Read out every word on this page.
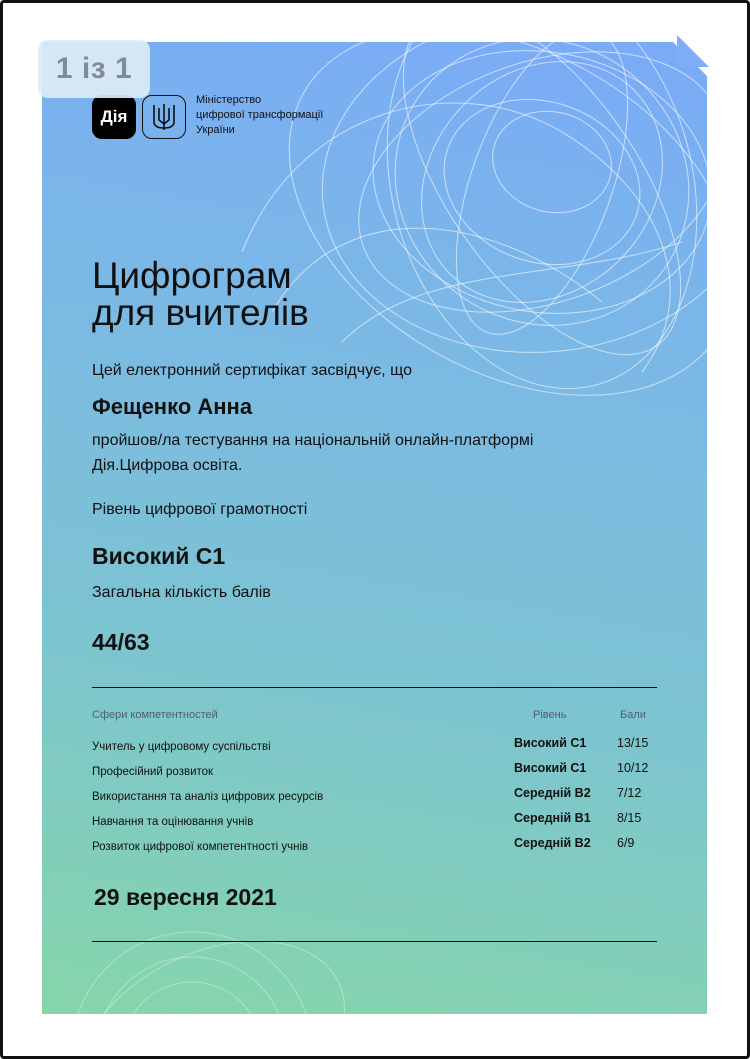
1 із 1
Дія
Міністерство
цифрової трансформації
України
Цифрограм
для вчителів
Цей електронний сертифікат засвідчує, що
Фещенко Анна
пройшов/ла тестування на національній онлайн-платформі
Дія.Цифрова освіта.
Рівень цифрової грамотності
Високий С1
Загальна кількість балів
44/63
Сфери компетентностей	Рівень	Бали
Учитель у цифровому суспільстві	Високий С1 13/15
Професійний розвиток	Високий С1 10/12
Використання та аналіз цифрових ресурсів	Середній В2 7/12
Навчання та оцінювання учнів	Середній В1 8/15
Розвиток цифрової компетентності учнів	Середній В2 6/9
29 вересня 2021
